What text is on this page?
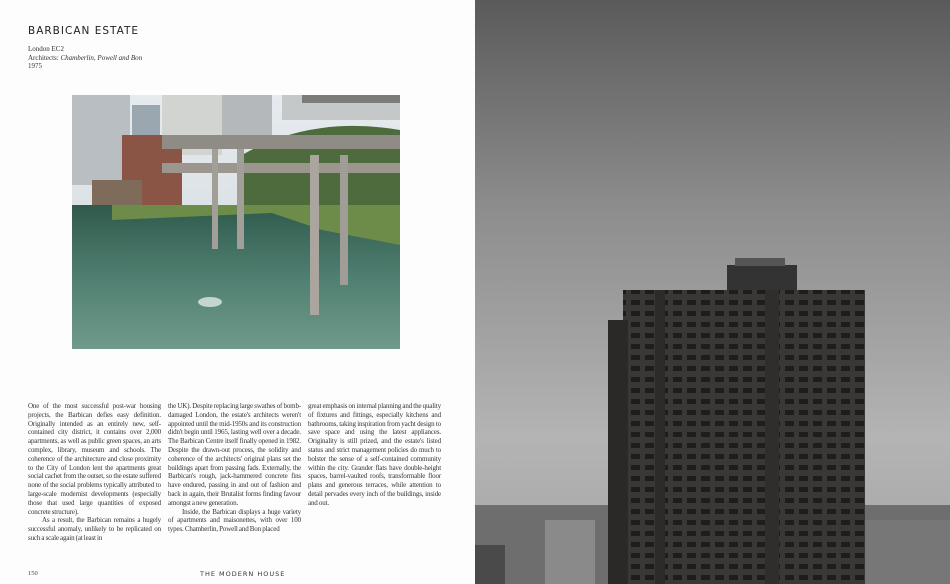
BARBICAN ESTATE
London EC2
Architects: Chamberlin, Powell and Bon
1975

One of the most successful post-war housing projects, the Barbican defies easy definition. Originally intended as an entirely new, self-contained city district, it contains over 2,000 apartments, as well as public green spaces, an arts complex, library, museum and schools. The coherence of the architecture and close proximity to the City of London lent the apartments great social cachet from the outset, so the estate suffered none of the social problems typically attributed to large-scale modernist developments (especially those that used large quantities of exposed concrete structure).

As a result, the Barbican remains a hugely successful anomaly, unlikely to be replicated on such a scale again (at least in

the UK). Despite replacing large swathes of bomb-damaged London, the estate's architects weren't appointed until the mid-1950s and its construction didn't begin until 1965, lasting well over a decade. The Barbican Centre itself finally opened in 1982. Despite the drawn-out process, the solidity and coherence of the architects' original plans set the buildings apart from passing fads. Externally, the Barbican's rough, jack-hammered concrete fins have endured, passing in and out of fashion and back in again, their Brutalist forms finding favour amongst a new generation.

Inside, the Barbican displays a huge variety of apartments and maisonettes, with over 100 types. Chamberlin, Powell and Bon placed

great emphasis on internal planning and the quality of fixtures and fittings, especially kitchens and bathrooms, taking inspiration from yacht design to save space and using the latest appliances. Originality is still prized, and the estate's listed status and strict management policies do much to bolster the sense of a self-contained community within the city. Grander flats have double-height spaces, barrel-vaulted roofs, transformable floor plans and generous terraces, while attention to detail pervades every inch of the buildings, inside and out.

150	THE MODERN HOUSE
